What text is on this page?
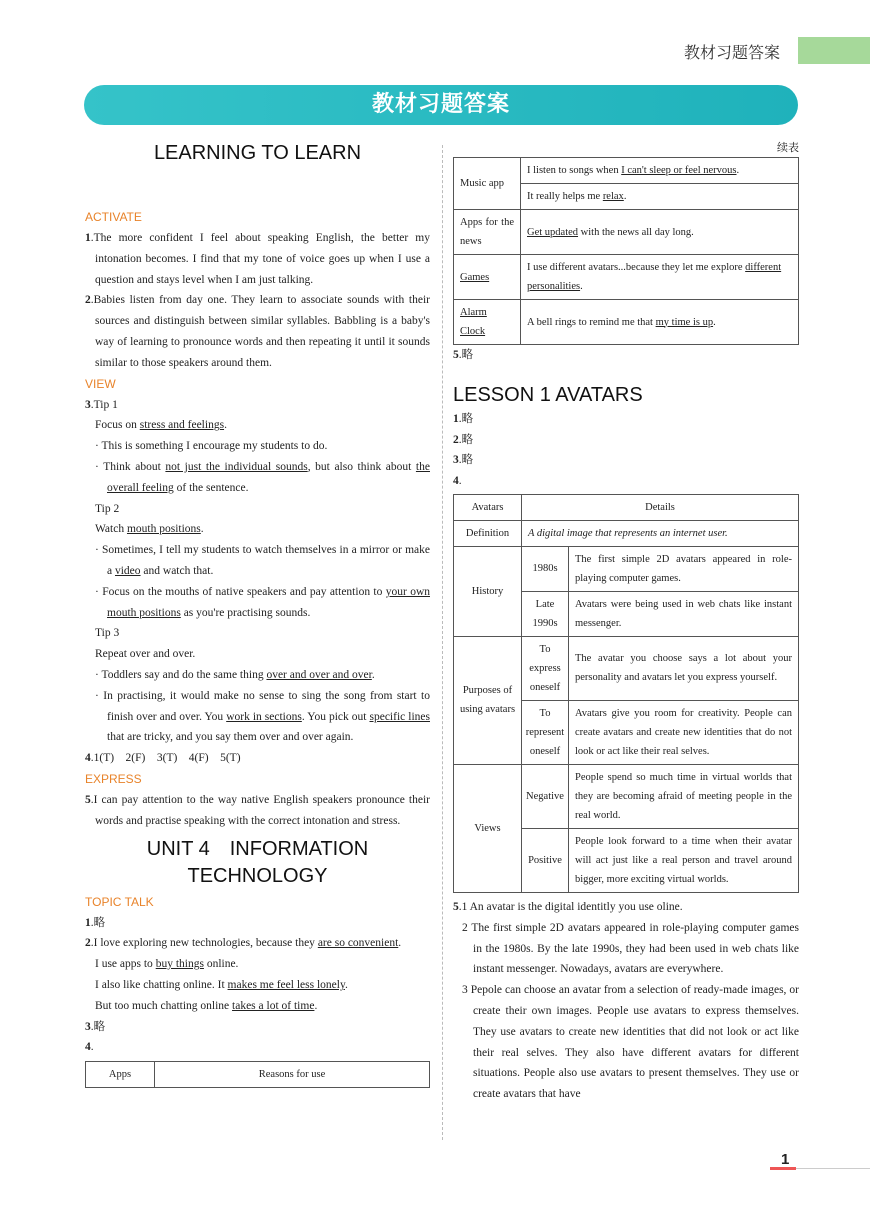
教材习题答案
教材习题答案
LEARNING TO LEARN
ACTIVATE
1.The more confident I feel about speaking English, the better my intonation becomes. I find that my tone of voice goes up when I use a question and stays level when I am just talking.
2.Babies listen from day one. They learn to associate sounds with their sources and distinguish between similar syllables. Babbling is a baby's way of learning to pronounce words and then repeating it until it sounds similar to those speakers around them.
VIEW
3.Tip 1
Focus on stress and feelings.
· This is something I encourage my students to do.
· Think about not just the individual sounds, but also think about the overall feeling of the sentence.
Tip 2
Watch mouth positions.
· Sometimes, I tell my students to watch themselves in a mirror or make a video and watch that.
· Focus on the mouths of native speakers and pay attention to your own mouth positions as you're practising sounds.
Tip 3
Repeat over and over.
· Toddlers say and do the same thing over and over and over.
· In practising, it would make no sense to sing the song from start to finish over and over. You work in sections. You pick out specific lines that are tricky, and you say them over and over again.
4.1(T)　2(F)　3(T)　4(F)　5(T)
EXPRESS
5.I can pay attention to the way native English speakers pronounce their words and practise speaking with the correct intonation and stress.
UNIT 4　INFORMATION TECHNOLOGY
TOPIC TALK
1.略
2.I love exploring new technologies, because they are so convenient.
I use apps to buy things online.
I also like chatting online. It makes me feel less lonely.
But too much chatting online takes a lot of time.
3.略
4.
Apps	Reasons for use
续表
Music app	I listen to songs when I can't sleep or feel nervous.
	It really helps me relax.
Apps for the news	Get updated with the news all day long.
Games	I use different avatars...because they let me explore different personalities.
Alarm Clock	A bell rings to remind me that my time is up.
5.略
LESSON 1 AVATARS
1.略
2.略
3.略
4.
Avatars	Details	
Definition	A digital image that represents an internet user.	
History	1980s	The first simple 2D avatars appeared in role-playing computer games.
	Late 1990s	Avatars were being used in web chats like instant messenger.
Purposes of using avatars	To express oneself	The avatar you choose says a lot about your personality and avatars let you express yourself.
	To represent oneself	Avatars give you room for creativity. People can create avatars and create new identities that do not look or act like their real selves.
Views	Negative	People spend so much time in virtual worlds that they are becoming afraid of meeting people in the real world.
	Positive	People look forward to a time when their avatar will act just like a real person and travel around bigger, more exciting virtual worlds.
5.1 An avatar is the digital identitly you use oline.
2 The first simple 2D avatars appeared in role-playing computer games in the 1980s. By the late 1990s, they had been used in web chats like instant messenger. Nowadays, avatars are everywhere.
3 Pepole can choose an avatar from a selection of ready-made images, or create their own images. People use avatars to express themselves. They use avatars to create new identities that did not look or act like their real selves. They also have different avatars for different situations. People also use avatars to present themselves. They use or create avatars that have
1
